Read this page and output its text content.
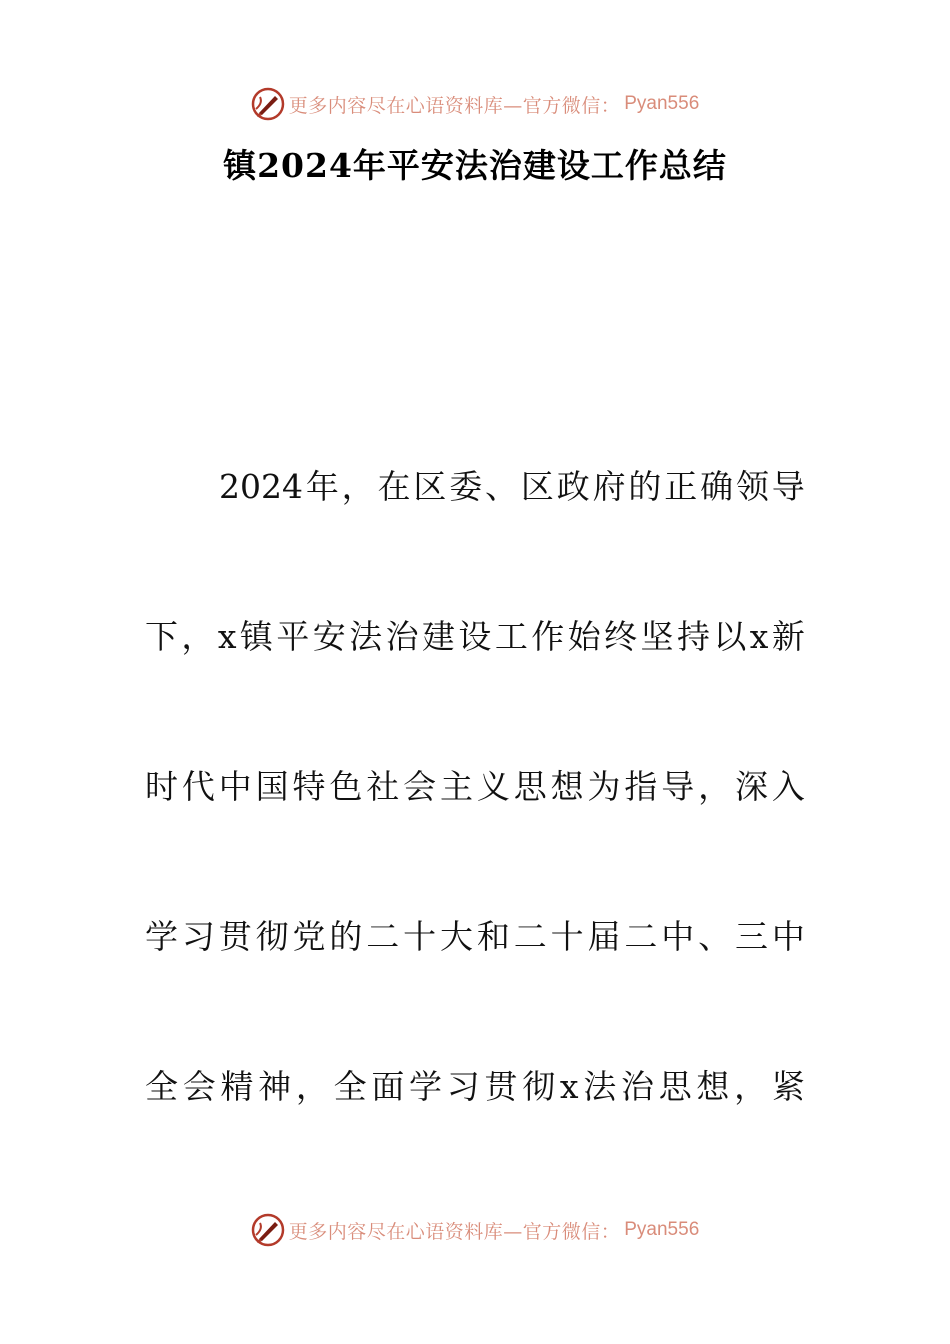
更多内容尽在心语资料库—官方微信： Pyan556
镇2024年平安法治建设工作总结
2024 年 ， 在 区 委 、 区 政 府 的 正 确 领 导
下 ， x 镇 平 安 法 治 建 设 工 作 始 终 坚 持 以 x 新
时 代 中 国 特 色 社 会 主 义 思 想 为 指 导 ， 深 入
学 习 贯 彻 党 的 二 十 大 和 二 十 届 二 中 、 三 中
全 会 精 神 ， 全 面 学 习 贯 彻 x 法 治 思 想 ， 紧
更多内容尽在心语资料库—官方微信： Pyan556
